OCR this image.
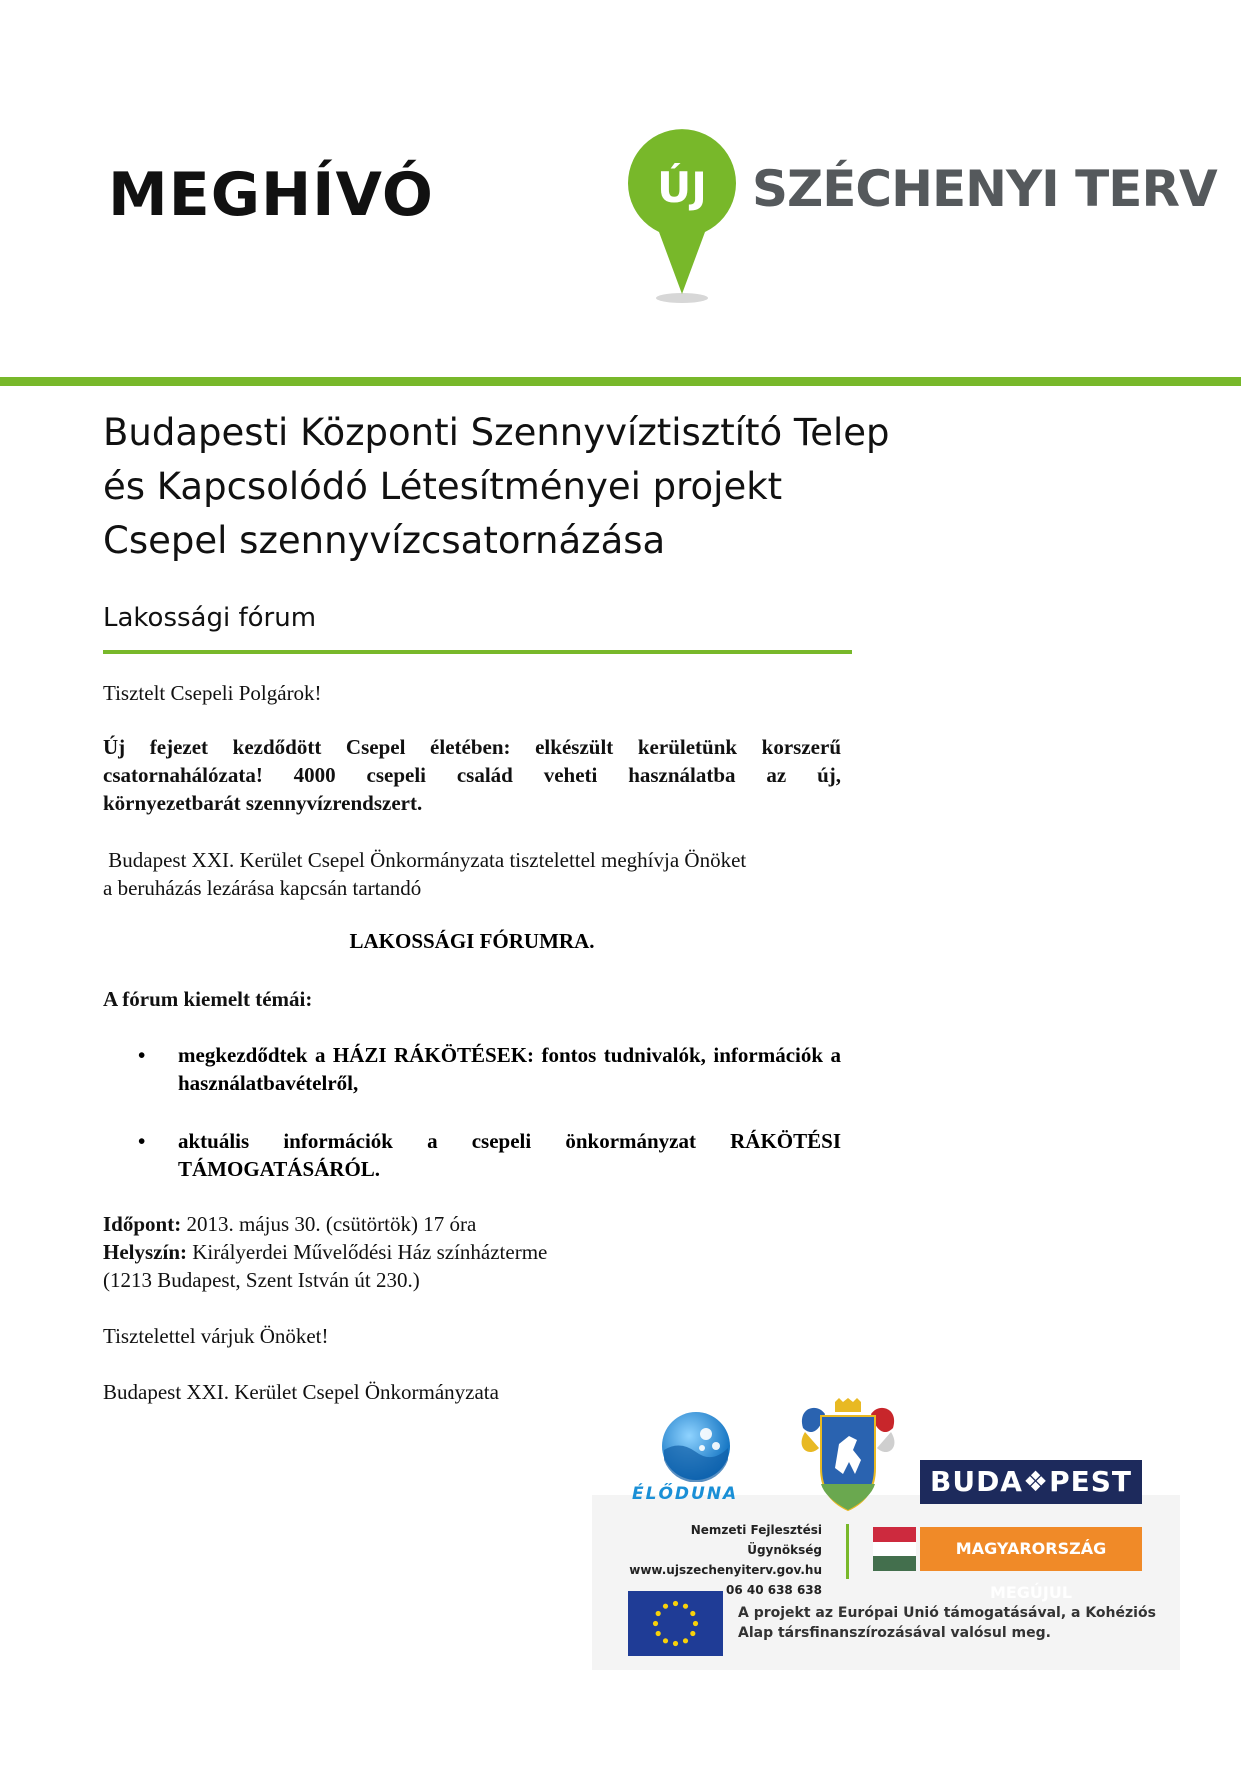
MEGHÍVÓ	ÚJ SZÉCHENYI TERV
Budapesti Központi Szennyvíztisztító Telep
és Kapcsolódó Létesítményei projekt
Csepel szennyvízcsatornázása
Lakossági fórum
Tisztelt Csepeli Polgárok!
Új fejezet kezdődött Csepel életében: elkészült kerületünk korszerű
csatornahálózata! 4000 csepeli család veheti használatba az új,
környezetbarát szennyvízrendszert.
Budapest XXI. Kerület Csepel Önkormányzata tisztelettel meghívja Önöket
a beruházás lezárása kapcsán tartandó
LAKOSSÁGI FÓRUMRA.
A fórum kiemelt témái:
• megkezdődtek a HÁZI RÁKÖTÉSEK: fontos tudnivalók, információk a használatbavételről,
• aktuális információk a csepeli önkormányzat RÁKÖTÉSI TÁMOGATÁSÁRÓL.
Időpont: 2013. május 30. (csütörtök) 17 óra
Helyszín: Királyerdei Művelődési Ház színházterme
(1213 Budapest, Szent István út 230.)
Tisztelettel várjuk Önöket!
Budapest XXI. Kerület Csepel Önkormányzata
ÉLŐDUNA	BUDA❖PEST
Nemzeti Fejlesztési Ügynökség
www.ujszechenyiterv.gov.hu
06 40 638 638
MAGYARORSZÁG MEGÚJUL
A projekt az Európai Unió támogatásával, a Kohéziós
Alap társfinanszírozásával valósul meg.
